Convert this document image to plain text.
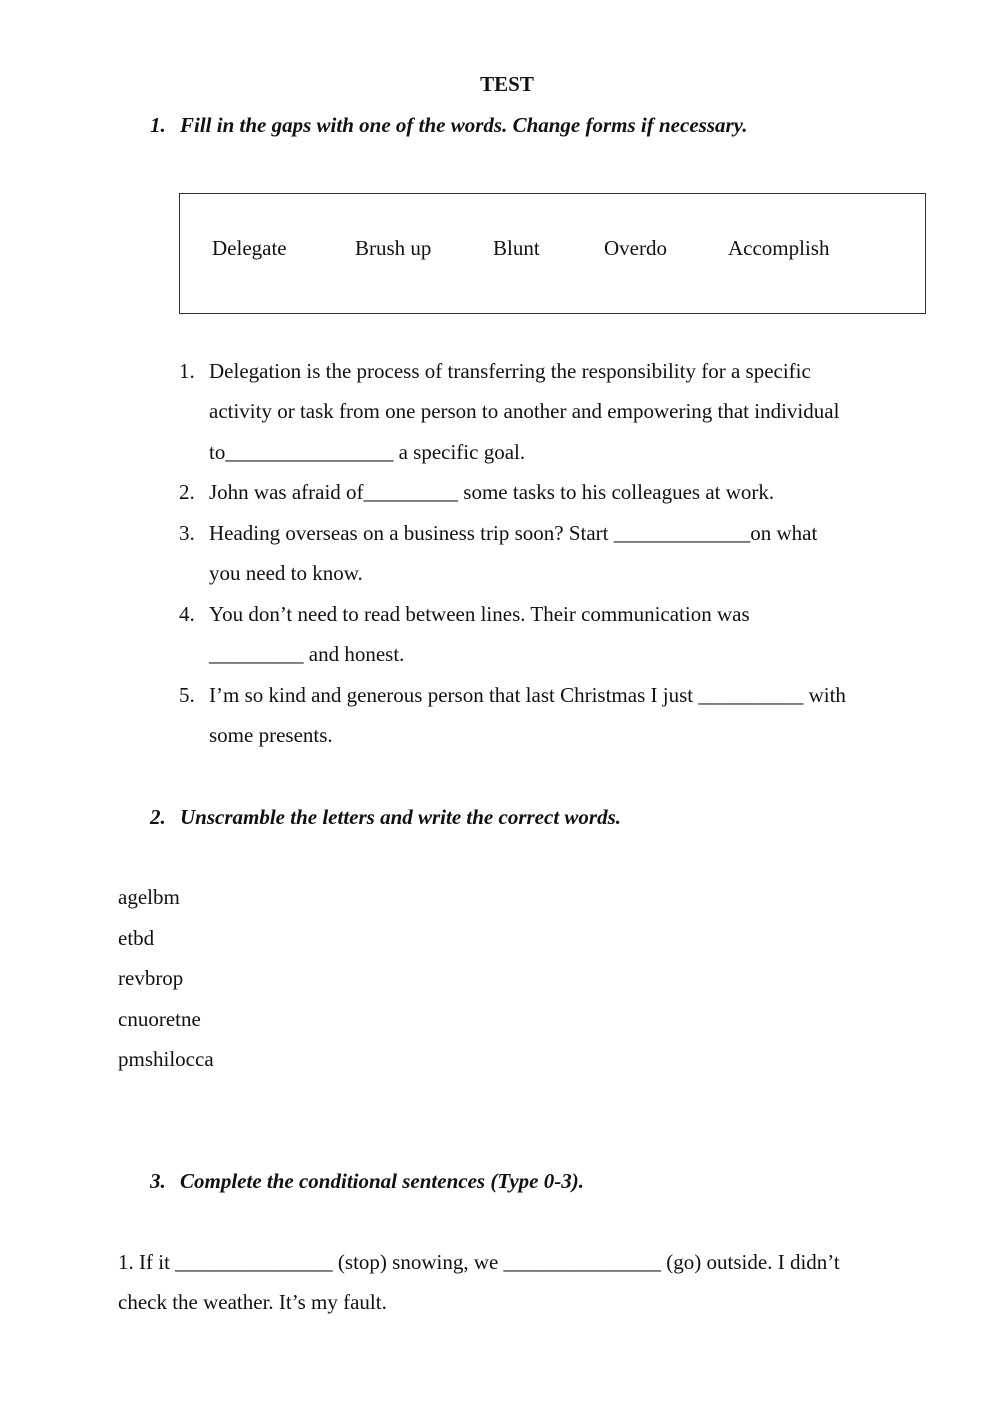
TEST
1. Fill in the gaps with one of the words. Change forms if necessary.
Delegate	Brush up	Blunt	Overdo	Accomplish
1. Delegation is the process of transferring the responsibility for a specific
activity or task from one person to another and empowering that individual
to________________ a specific goal.
2. John was afraid of_________ some tasks to his colleagues at work.
3. Heading overseas on a business trip soon? Start _____________on what
you need to know.
4. You don’t need to read between lines. Their communication was
_________ and honest.
5. I’m so kind and generous person that last Christmas I just __________ with
some presents.
2. Unscramble the letters and write the correct words.
agelbm
etbd
revbrop
cnuoretne
pmshilocca
3. Complete the conditional sentences (Type 0-3).
1. If it _______________ (stop) snowing, we _______________ (go) outside. I didn’t
check the weather. It’s my fault.
